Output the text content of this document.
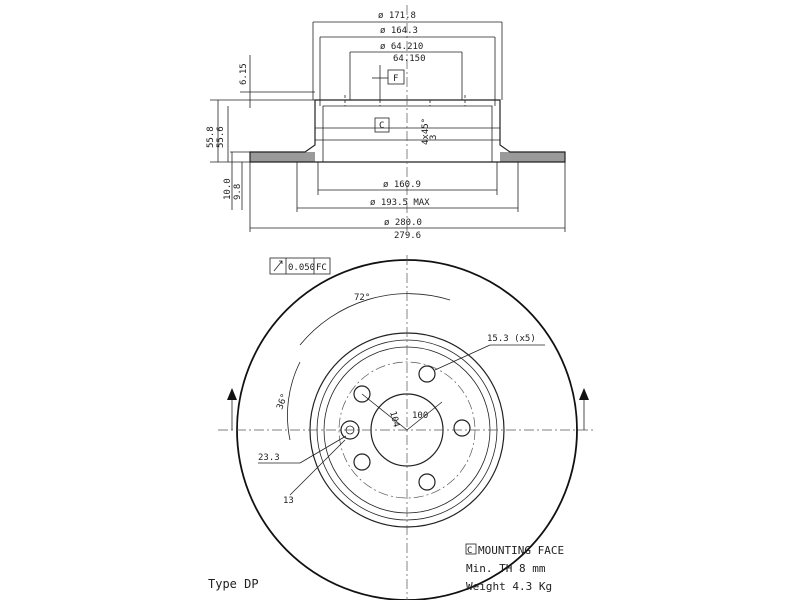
ø 171.8
ø 164.3
ø 64.210
64.150
F
C	4x45°
3
6.15
55.8 55.6
10.0 9.8	ø 160.9
ø 193.5 MAX
ø 280.0
279.6
0.050 FC
72°
36°
15.3 (x5)
104 100
23.3
13
C MOUNTING FACE
Min. TH 8 mm
Weight 4.3 Kg
Type DP
